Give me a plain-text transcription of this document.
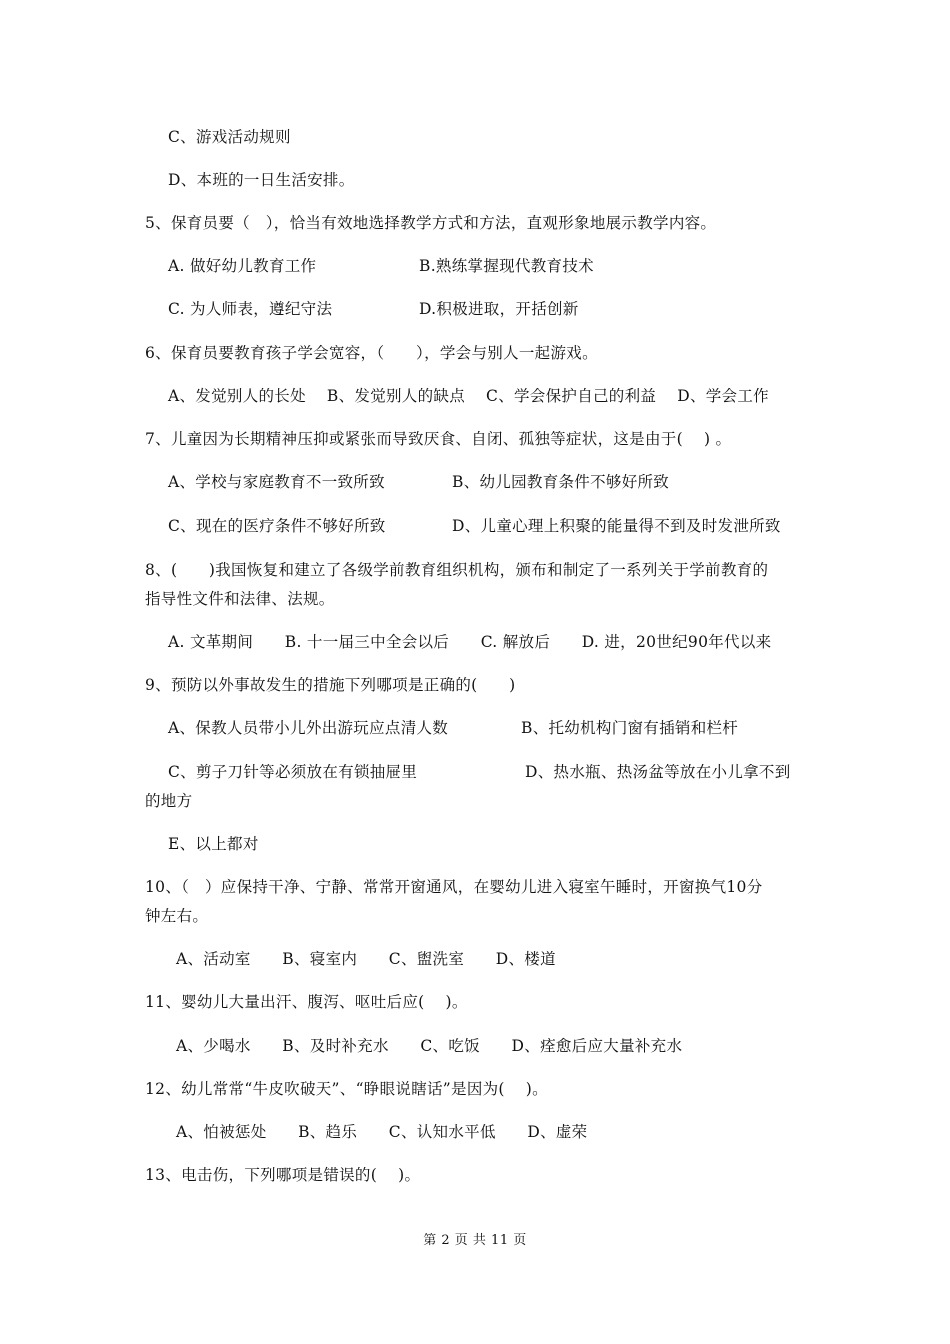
C、游戏活动规则
D、本班的一日生活安排。
5、保育员要（　），恰当有效地选择教学方式和方法，直观形象地展示教学内容。
A. 做好幼儿教育工作	B.熟练掌握现代教育技术
C. 为人师表，遵纪守法	D.积极进取，开括创新
6、保育员要教育孩子学会宽容，（　　），学会与别人一起游戏。
A、发觉别人的长处　 B、发觉别人的缺点　 C、学会保护自己的利益　 D、学会工作
7、儿童因为长期精神压抑或紧张而导致厌食、自闭、孤独等症状，这是由于(　 ) 。
A、学校与家庭教育不一致所致	B、幼儿园教育条件不够好所致
C、现在的医疗条件不够好所致	D、儿童心理上积聚的能量得不到及时发泄所致
8、(　　)我国恢复和建立了各级学前教育组织机构，颁布和制定了一系列关于学前教育的
指导性文件和法律、法规。
A. 文革期间　　B. 十一届三中全会以后　　C. 解放后　　D. 进，20世纪90年代以来
9、预防以外事故发生的措施下列哪项是正确的(　　)
A、保教人员带小儿外出游玩应点清人数	B、托幼机构门窗有插销和栏杆
C、剪子刀针等必须放在有锁抽屉里	D、热水瓶、热汤盆等放在小儿拿不到
的地方
E、以上都对
10、（　）应保持干净、宁静、常常开窗通风，在婴幼儿进入寝室午睡时，开窗换气10分
钟左右。
A、活动室　　B、寝室内　　C、盥洗室　　D、楼道
11、婴幼儿大量出汗、腹泻、呕吐后应(　 )。
A、少喝水　　B、及时补充水　　C、吃饭　　D、痊愈后应大量补充水
12、幼儿常常“牛皮吹破天”、“睁眼说瞎话”是因为(　 )。
A、怕被惩处　　B、趋乐　　C、认知水平低　　D、虚荣
13、电击伤，下列哪项是错误的(　 )。
第 2 页 共 11 页
